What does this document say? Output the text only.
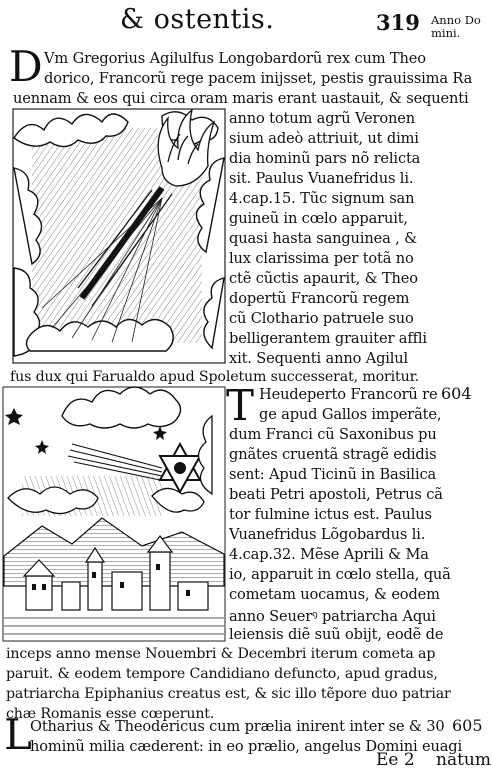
& ostentis.	319 Anno Do
mini.
D Vm Gregorius Agilulfus Longobardorũ rex cum Theo
dorico, Francorũ rege pacem inijsset, pestis grauissima Ra
uennam & eos qui circa oram maris erant uastauit, & sequenti
anno totum agrũ Veronen
sium adeò attriuit, ut dimi
dia hominũ pars nõ relicta
sit. Paulus Vuanefridus li.
4.cap.15. Tũc signum san
guineũ in cœlo apparuit,
quasi hasta sanguinea , &
lux clarissima per totã no
ctẽ cũctis apaurit, & Theo
dopertũ Francorũ regem
cũ Clothario patruele suo
belligerantem grauiter affli
xit. Sequenti anno Agilul
fus dux qui Farualdo apud Spoletum successerat, moritur.
T	604
Heudeperto Francorũ re
ge apud Gallos imperãte,
dum Franci cũ Saxonibus pu
gnãtes cruentã stragẽ edidis
sent: Apud Ticinũ in Basilica
beati Petri apostoli, Petrus cã
tor fulmine ictus est. Paulus
Vuanefridus Lõgobardus li.
4.cap.32. Mẽse Aprili & Ma
io, apparuit in cœlo stella, quã
cometam uocamus, & eodem
anno Seuerꝰ patriarcha Aqui
leiensis diẽ suũ obijt, eodẽ de
inceps anno mense Nouembri & Decembri iterum cometa ap
paruit. & eodem tempore Candidiano defuncto, apud gradus,
patriarcha Epiphanius creatus est, & sic illo tẽpore duo patriar
chæ Romanis esse cœperunt.
L
Otharius & Theodericus cum prælia inirent inter se & 30 605
hominũ milia cæderent: in eo prælio, angelus Domini euagi
Ee 2 natum
